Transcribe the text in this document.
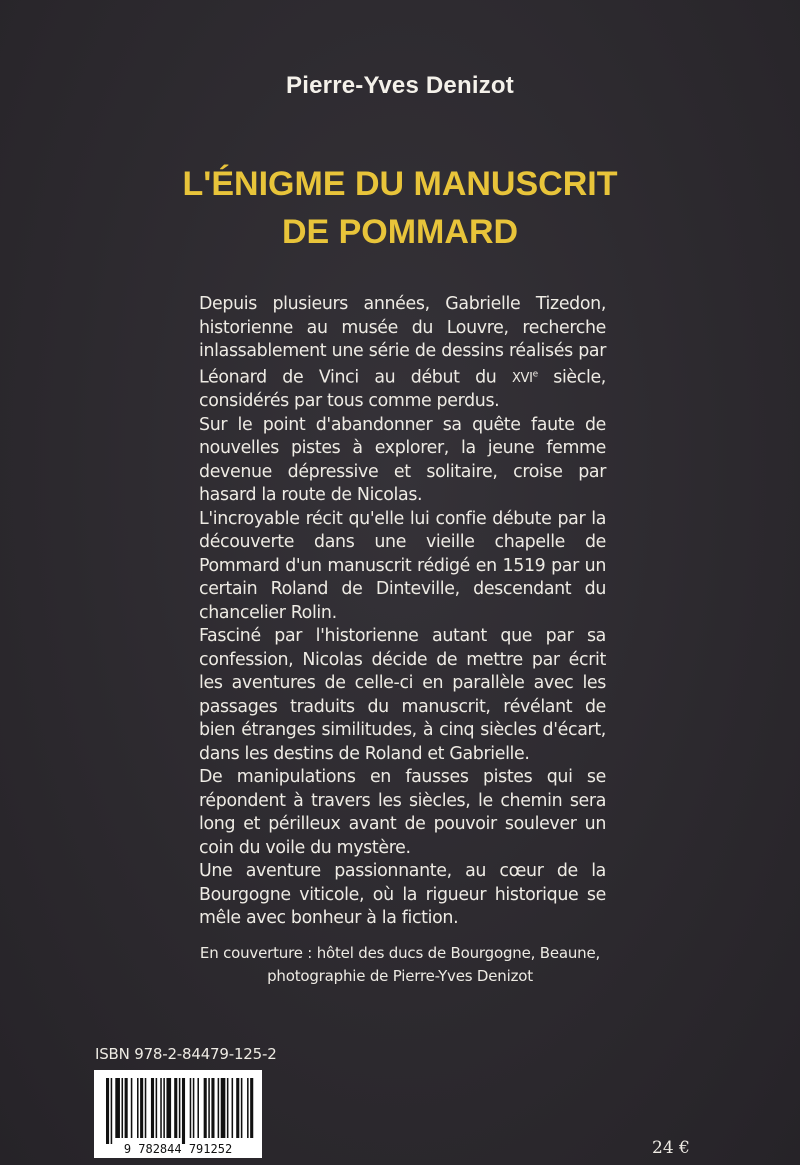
Pierre-Yves Denizot
L'ÉNIGME DU MANUSCRIT
DE POMMARD

Depuis plusieurs années, Gabrielle Tizedon, historienne au musée du Louvre, recherche inlassablement une série de dessins réalisés par Léonard de Vinci au début du XVIe siècle, considérés par tous comme perdus.

Sur le point d'abandonner sa quête faute de nouvelles pistes à explorer, la jeune femme devenue dépressive et solitaire, croise par hasard la route de Nicolas.

L'incroyable récit qu'elle lui confie débute par la découverte dans une vieille chapelle de Pommard d'un manuscrit rédigé en 1519 par un certain Roland de Dinteville, descendant du chancelier Rolin.

Fasciné par l'historienne autant que par sa confession, Nicolas décide de mettre par écrit les aventures de celle-ci en parallèle avec les passages traduits du manuscrit, révélant de bien étranges similitudes, à cinq siècles d'écart, dans les destins de Roland et Gabrielle.

De manipulations en fausses pistes qui se répondent à travers les siècles, le chemin sera long et périlleux avant de pouvoir soulever un coin du voile du mystère.

Une aventure passionnante, au cœur de la Bourgogne viticole, où la rigueur historique se mêle avec bonheur à la fiction.

En couverture : hôtel des ducs de Bourgogne, Beaune,
photographie de Pierre-Yves Denizot
ISBN 978-2-84479-125-2
9 782844 791252	24 €
